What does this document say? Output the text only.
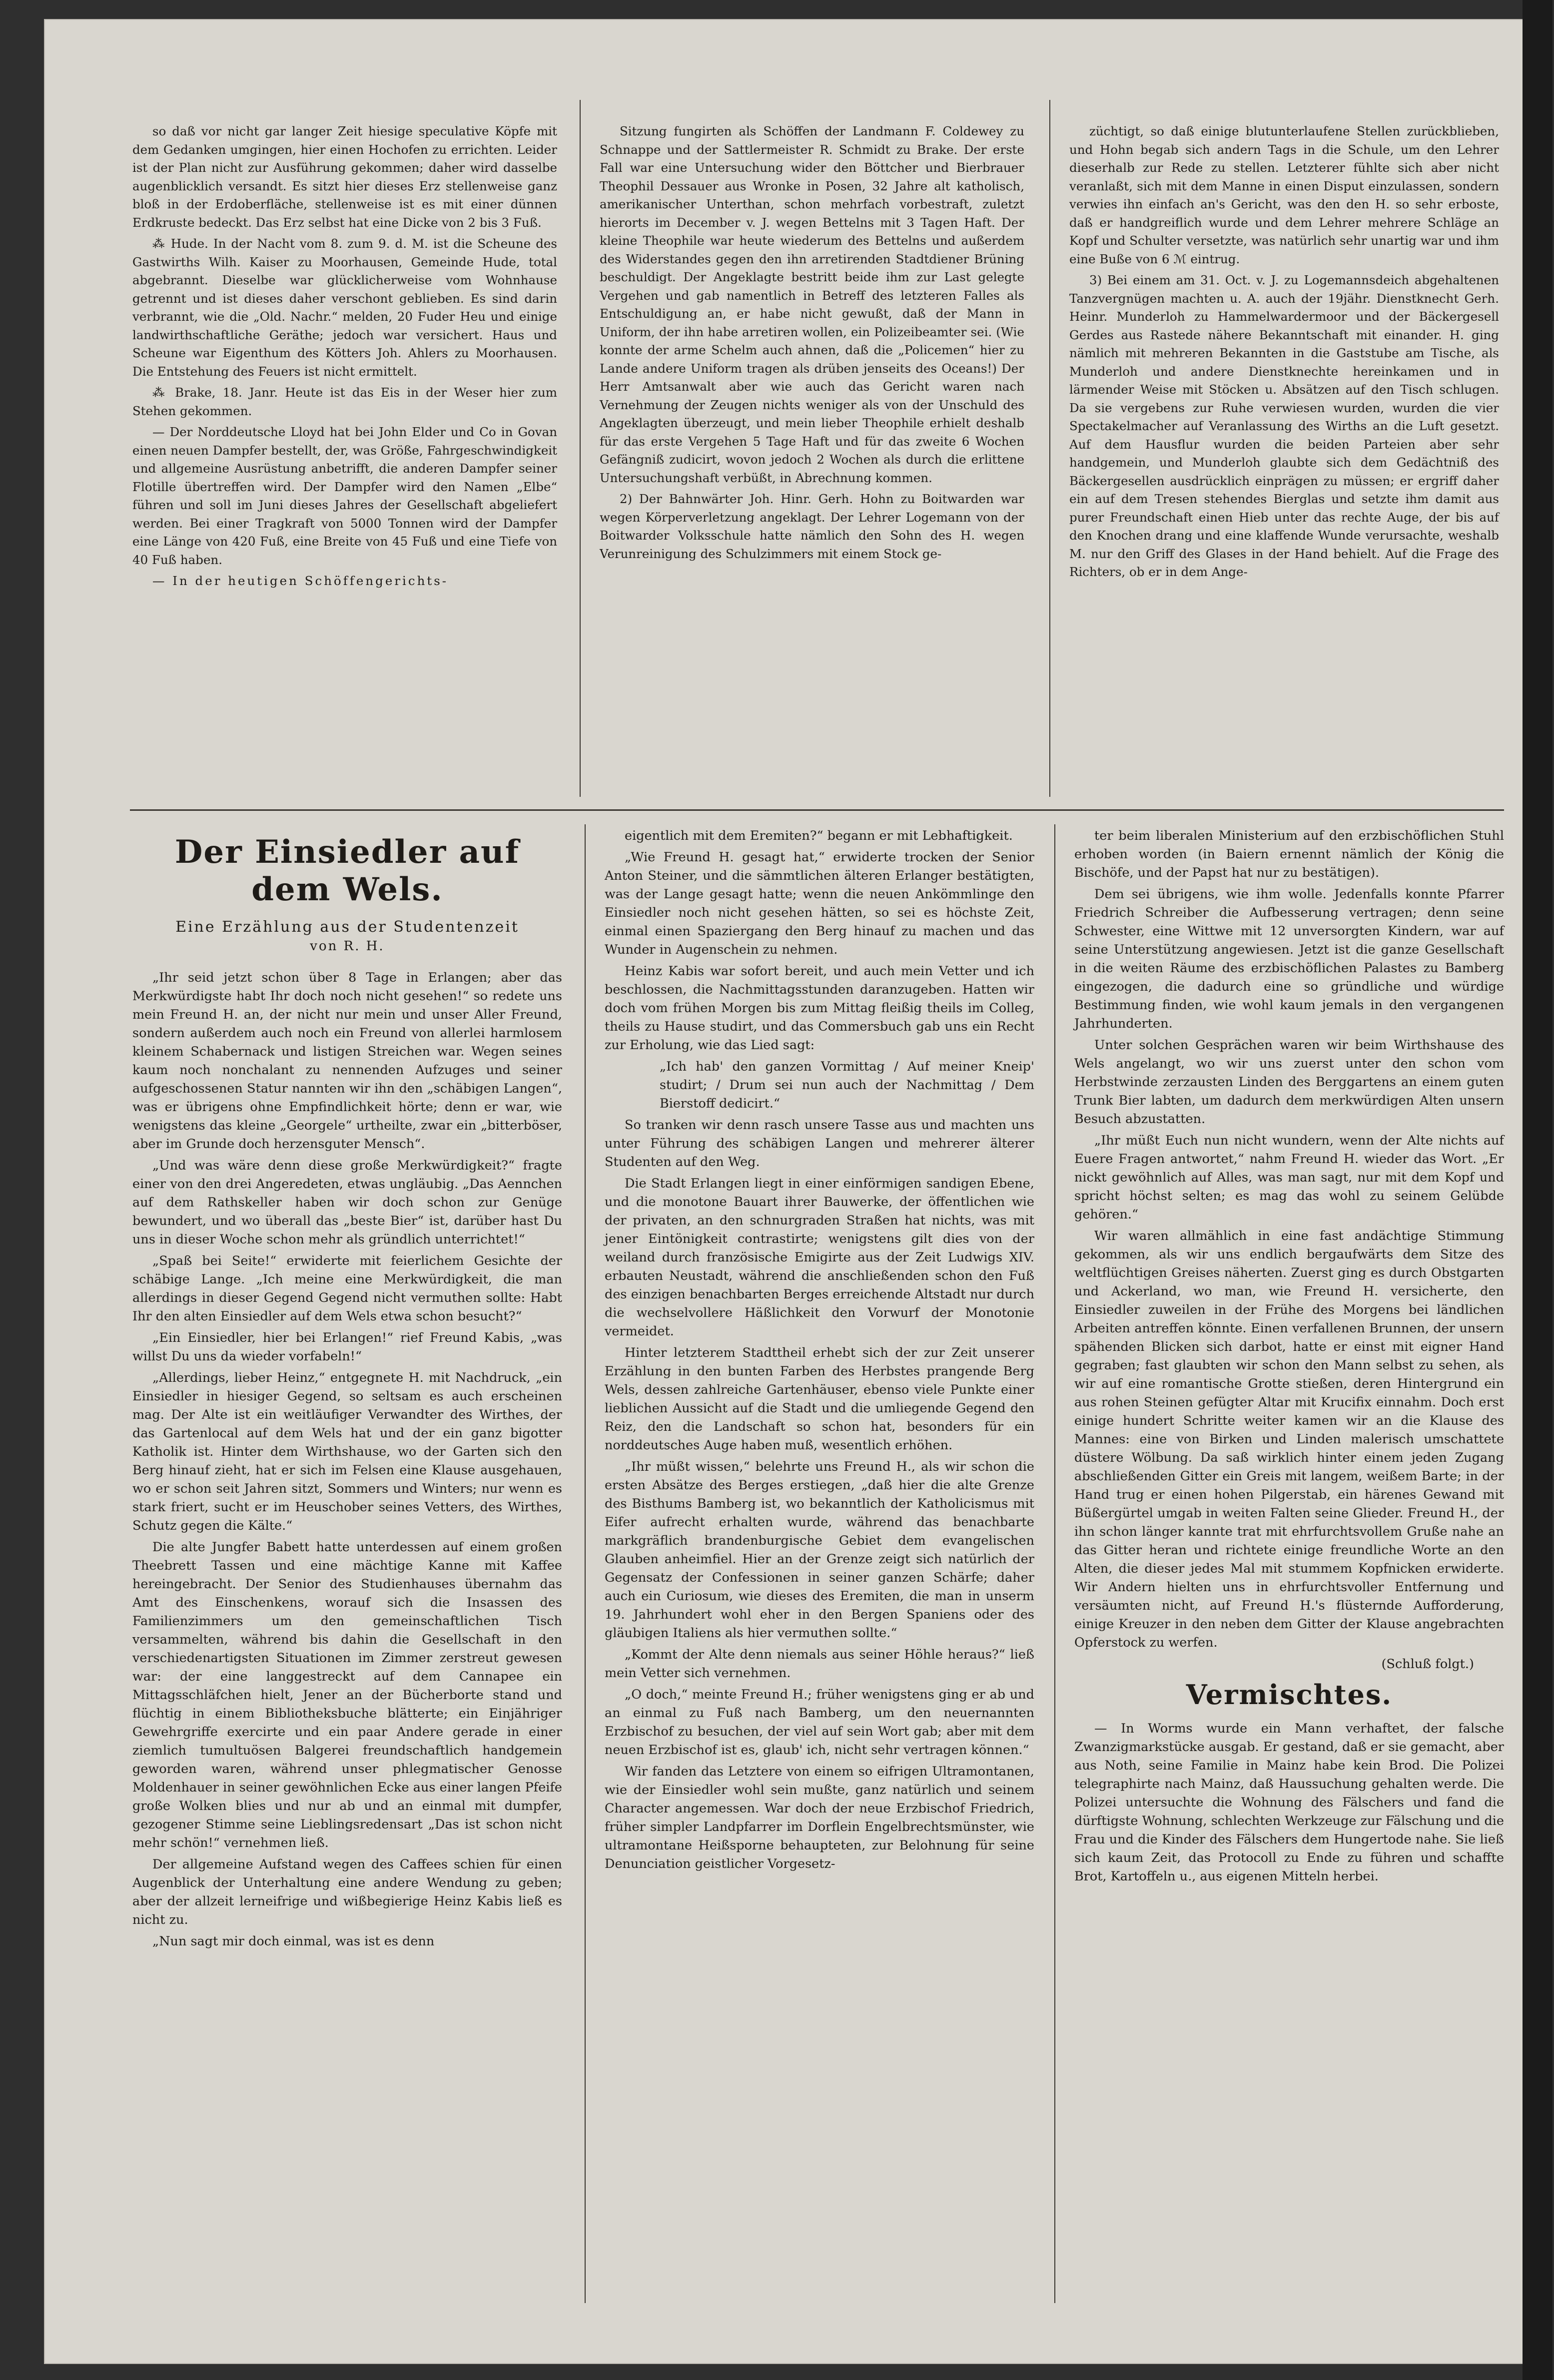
so daß vor nicht gar langer Zeit hiesige speculative Köpfe mit dem Gedanken umgingen, hier einen Hochofen zu errichten. Leider ist der Plan nicht zur Ausführung gekommen; daher wird dasselbe augenblicklich versandt. Es sitzt hier dieses Erz stellenweise ganz bloß in der Erdoberfläche, stellenweise ist es mit einer dünnen Erdkruste bedeckt. Das Erz selbst hat eine Dicke von 2 bis 3 Fuß.

⁂ Hude. In der Nacht vom 8. zum 9. d. M. ist die Scheune des Gastwirths Wilh. Kaiser zu Moorhausen, Gemeinde Hude, total abgebrannt. Dieselbe war glücklicherweise vom Wohnhause getrennt und ist dieses daher verschont geblieben. Es sind darin verbrannt, wie die „Old. Nachr.“ melden, 20 Fuder Heu und einige landwirthschaftliche Geräthe; jedoch war versichert. Haus und Scheune war Eigenthum des Kötters Joh. Ahlers zu Moorhausen. Die Entstehung des Feuers ist nicht ermittelt.

⁂ Brake, 18. Janr. Heute ist das Eis in der Weser hier zum Stehen gekommen.

— Der Norddeutsche Lloyd hat bei John Elder und Co in Govan einen neuen Dampfer bestellt, der, was Größe, Fahrgeschwindigkeit und allgemeine Ausrüstung anbetrifft, die anderen Dampfer seiner Flotille übertreffen wird. Der Dampfer wird den Namen „Elbe“ führen und soll im Juni dieses Jahres der Gesellschaft abgeliefert werden. Bei einer Tragkraft von 5000 Tonnen wird der Dampfer eine Länge von 420 Fuß, eine Breite von 45 Fuß und eine Tiefe von 40 Fuß haben.

— In der heutigen Schöffengerichts-

Sitzung fungirten als Schöffen der Landmann F. Coldewey zu Schnappe und der Sattlermeister R. Schmidt zu Brake. Der erste Fall war eine Untersuchung wider den Böttcher und Bierbrauer Theophil Dessauer aus Wronke in Posen, 32 Jahre alt katholisch, amerikanischer Unterthan, schon mehrfach vorbestraft, zuletzt hierorts im December v. J. wegen Bettelns mit 3 Tagen Haft. Der kleine Theophile war heute wiederum des Bettelns und außerdem des Widerstandes gegen den ihn arretirenden Stadtdiener Brüning beschuldigt. Der Angeklagte bestritt beide ihm zur Last gelegte Vergehen und gab namentlich in Betreff des letzteren Falles als Entschuldigung an, er habe nicht gewußt, daß der Mann in Uniform, der ihn habe arretiren wollen, ein Polizeibeamter sei. (Wie konnte der arme Schelm auch ahnen, daß die „Policemen“ hier zu Lande andere Uniform tragen als drüben jenseits des Oceans!) Der Herr Amtsanwalt aber wie auch das Gericht waren nach Vernehmung der Zeugen nichts weniger als von der Unschuld des Angeklagten überzeugt, und mein lieber Theophile erhielt deshalb für das erste Vergehen 5 Tage Haft und für das zweite 6 Wochen Gefängniß zudicirt, wovon jedoch 2 Wochen als durch die erlittene Untersuchungshaft verbüßt, in Abrechnung kommen.

2) Der Bahnwärter Joh. Hinr. Gerh. Hohn zu Boitwarden war wegen Körperverletzung angeklagt. Der Lehrer Logemann von der Boitwarder Volksschule hatte nämlich den Sohn des H. wegen Verunreinigung des Schulzimmers mit einem Stock ge-

züchtigt, so daß einige blutunterlaufene Stellen zurückblieben, und Hohn begab sich andern Tags in die Schule, um den Lehrer dieserhalb zur Rede zu stellen. Letzterer fühlte sich aber nicht veranlaßt, sich mit dem Manne in einen Disput einzulassen, sondern verwies ihn einfach an's Gericht, was den den H. so sehr erboste, daß er handgreiflich wurde und dem Lehrer mehrere Schläge an Kopf und Schulter versetzte, was natürlich sehr unartig war und ihm eine Buße von 6 ℳ eintrug.

3) Bei einem am 31. Oct. v. J. zu Logemannsdeich abgehaltenen Tanzvergnügen machten u. A. auch der 19jähr. Dienstknecht Gerh. Heinr. Munderloh zu Hammelwardermoor und der Bäckergesell Gerdes aus Rastede nähere Bekanntschaft mit einander. H. ging nämlich mit mehreren Bekannten in die Gaststube am Tische, als Munderloh und andere Dienstknechte hereinkamen und in lärmender Weise mit Stöcken u. Absätzen auf den Tisch schlugen. Da sie vergebens zur Ruhe verwiesen wurden, wurden die vier Spectakelmacher auf Veranlassung des Wirths an die Luft gesetzt. Auf dem Hausflur wurden die beiden Parteien aber sehr handgemein, und Munderloh glaubte sich dem Gedächtniß des Bäckergesellen ausdrücklich einprägen zu müssen; er ergriff daher ein auf dem Tresen stehendes Bierglas und setzte ihm damit aus purer Freundschaft einen Hieb unter das rechte Auge, der bis auf den Knochen drang und eine klaffende Wunde verursachte, weshalb M. nur den Griff des Glases in der Hand behielt. Auf die Frage des Richters, ob er in dem Ange-

Der Einsiedler auf dem Wels.
Eine Erzählung aus der Studentenzeit
von R. H.

„Ihr seid jetzt schon über 8 Tage in Erlangen; aber das Merkwürdigste habt Ihr doch noch nicht gesehen!“ so redete uns mein Freund H. an, der nicht nur mein und unser Aller Freund, sondern außerdem auch noch ein Freund von allerlei harmlosem kleinem Schabernack und listigen Streichen war. Wegen seines kaum noch nonchalant zu nennenden Aufzuges und seiner aufgeschossenen Statur nannten wir ihn den „schäbigen Langen“, was er übrigens ohne Empfindlichkeit hörte; denn er war, wie wenigstens das kleine „Georgele“ urtheilte, zwar ein „bitterböser, aber im Grunde doch herzensguter Mensch“.

„Und was wäre denn diese große Merkwürdigkeit?“ fragte einer von den drei Angeredeten, etwas ungläubig. „Das Aennchen auf dem Rathskeller haben wir doch schon zur Genüge bewundert, und wo überall das „beste Bier“ ist, darüber hast Du uns in dieser Woche schon mehr als gründlich unterrichtet!“

„Spaß bei Seite!“ erwiderte mit feierlichem Gesichte der schäbige Lange. „Ich meine eine Merkwürdigkeit, die man allerdings in dieser Gegend Gegend nicht vermuthen sollte: Habt Ihr den alten Einsiedler auf dem Wels etwa schon besucht?“

„Ein Einsiedler, hier bei Erlangen!“ rief Freund Kabis, „was willst Du uns da wieder vorfabeln!“

„Allerdings, lieber Heinz,“ entgegnete H. mit Nachdruck, „ein Einsiedler in hiesiger Gegend, so seltsam es auch erscheinen mag. Der Alte ist ein weitläufiger Verwandter des Wirthes, der das Gartenlocal auf dem Wels hat und der ein ganz bigotter Katholik ist. Hinter dem Wirthshause, wo der Garten sich den Berg hinauf zieht, hat er sich im Felsen eine Klause ausgehauen, wo er schon seit Jahren sitzt, Sommers und Winters; nur wenn es stark friert, sucht er im Heuschober seines Vetters, des Wirthes, Schutz gegen die Kälte.“

Die alte Jungfer Babett hatte unterdessen auf einem großen Theebrett Tassen und eine mächtige Kanne mit Kaffee hereingebracht. Der Senior des Studienhauses übernahm das Amt des Einschenkens, worauf sich die Insassen des Familienzimmers um den gemeinschaftlichen Tisch versammelten, während bis dahin die Gesellschaft in den verschiedenartigsten Situationen im Zimmer zerstreut gewesen war: der eine langgestreckt auf dem Cannapee ein Mittagsschläfchen hielt, Jener an der Bücherborte stand und flüchtig in einem Bibliotheksbuche blätterte; ein Einjähriger Gewehrgriffe exercirte und ein paar Andere gerade in einer ziemlich tumultuösen Balgerei freundschaftlich handgemein geworden waren, während unser phlegmatischer Genosse Moldenhauer in seiner gewöhnlichen Ecke aus einer langen Pfeife große Wolken blies und nur ab und an einmal mit dumpfer, gezogener Stimme seine Lieblingsredensart „Das ist schon nicht mehr schön!“ vernehmen ließ.

Der allgemeine Aufstand wegen des Caffees schien für einen Augenblick der Unterhaltung eine andere Wendung zu geben; aber der allzeit lerneifrige und wißbegierige Heinz Kabis ließ es nicht zu.

„Nun sagt mir doch einmal, was ist es denn

eigentlich mit dem Eremiten?“ begann er mit Lebhaftigkeit.

„Wie Freund H. gesagt hat,“ erwiderte trocken der Senior Anton Steiner, und die sämmtlichen älteren Erlanger bestätigten, was der Lange gesagt hatte; wenn die neuen Ankömmlinge den Einsiedler noch nicht gesehen hätten, so sei es höchste Zeit, einmal einen Spaziergang den Berg hinauf zu machen und das Wunder in Augenschein zu nehmen.

Heinz Kabis war sofort bereit, und auch mein Vetter und ich beschlossen, die Nachmittagsstunden daranzugeben. Hatten wir doch vom frühen Morgen bis zum Mittag fleißig theils im Colleg, theils zu Hause studirt, und das Commersbuch gab uns ein Recht zur Erholung, wie das Lied sagt:

„Ich hab' den ganzen Vormittag / Auf meiner Kneip' studirt; / Drum sei nun auch der Nachmittag / Dem Bierstoff dedicirt.“

So tranken wir denn rasch unsere Tasse aus und machten uns unter Führung des schäbigen Langen und mehrerer älterer Studenten auf den Weg.

Die Stadt Erlangen liegt in einer einförmigen sandigen Ebene, und die monotone Bauart ihrer Bauwerke, der öffentlichen wie der privaten, an den schnurgraden Straßen hat nichts, was mit jener Eintönigkeit contrastirte; wenigstens gilt dies von der weiland durch französische Emigirte aus der Zeit Ludwigs XIV. erbauten Neustadt, während die anschließenden schon den Fuß des einzigen benachbarten Berges erreichende Altstadt nur durch die wechselvollere Häßlichkeit den Vorwurf der Monotonie vermeidet.

Hinter letzterem Stadttheil erhebt sich der zur Zeit unserer Erzählung in den bunten Farben des Herbstes prangende Berg Wels, dessen zahlreiche Gartenhäuser, ebenso viele Punkte einer lieblichen Aussicht auf die Stadt und die umliegende Gegend den Reiz, den die Landschaft so schon hat, besonders für ein norddeutsches Auge haben muß, wesentlich erhöhen.

„Ihr müßt wissen,“ belehrte uns Freund H., als wir schon die ersten Absätze des Berges erstiegen, „daß hier die alte Grenze des Bisthums Bamberg ist, wo bekanntlich der Katholicismus mit Eifer aufrecht erhalten wurde, während das benachbarte markgräflich brandenburgische Gebiet dem evangelischen Glauben anheimfiel. Hier an der Grenze zeigt sich natürlich der Gegensatz der Confessionen in seiner ganzen Schärfe; daher auch ein Curiosum, wie dieses des Eremiten, die man in unserm 19. Jahrhundert wohl eher in den Bergen Spaniens oder des gläubigen Italiens als hier vermuthen sollte.“

„Kommt der Alte denn niemals aus seiner Höhle heraus?“ ließ mein Vetter sich vernehmen.

„O doch,“ meinte Freund H.; früher wenigstens ging er ab und an einmal zu Fuß nach Bamberg, um den neuernannten Erzbischof zu besuchen, der viel auf sein Wort gab; aber mit dem neuen Erzbischof ist es, glaub' ich, nicht sehr vertragen können.“

Wir fanden das Letztere von einem so eifrigen Ultramontanen, wie der Einsiedler wohl sein mußte, ganz natürlich und seinem Character angemessen. War doch der neue Erzbischof Friedrich, früher simpler Landpfarrer im Dorflein Engelbrechtsmünster, wie ultramontane Heißsporne behaupteten, zur Belohnung für seine Denunciation geistlicher Vorgesetz-

ter beim liberalen Ministerium auf den erzbischöflichen Stuhl erhoben worden (in Baiern ernennt nämlich der König die Bischöfe, und der Papst hat nur zu bestätigen).

Dem sei übrigens, wie ihm wolle. Jedenfalls konnte Pfarrer Friedrich Schreiber die Aufbesserung vertragen; denn seine Schwester, eine Wittwe mit 12 unversorgten Kindern, war auf seine Unterstützung angewiesen. Jetzt ist die ganze Gesellschaft in die weiten Räume des erzbischöflichen Palastes zu Bamberg eingezogen, die dadurch eine so gründliche und würdige Bestimmung finden, wie wohl kaum jemals in den vergangenen Jahrhunderten.

Unter solchen Gesprächen waren wir beim Wirthshause des Wels angelangt, wo wir uns zuerst unter den schon vom Herbstwinde zerzausten Linden des Berggartens an einem guten Trunk Bier labten, um dadurch dem merkwürdigen Alten unsern Besuch abzustatten.

„Ihr müßt Euch nun nicht wundern, wenn der Alte nichts auf Euere Fragen antwortet,“ nahm Freund H. wieder das Wort. „Er nickt gewöhnlich auf Alles, was man sagt, nur mit dem Kopf und spricht höchst selten; es mag das wohl zu seinem Gelübde gehören.“

Wir waren allmählich in eine fast andächtige Stimmung gekommen, als wir uns endlich bergaufwärts dem Sitze des weltflüchtigen Greises näherten. Zuerst ging es durch Obstgarten und Ackerland, wo man, wie Freund H. versicherte, den Einsiedler zuweilen in der Frühe des Morgens bei ländlichen Arbeiten antreffen könnte. Einen verfallenen Brunnen, der unsern spähenden Blicken sich darbot, hatte er einst mit eigner Hand gegraben; fast glaubten wir schon den Mann selbst zu sehen, als wir auf eine romantische Grotte stießen, deren Hintergrund ein aus rohen Steinen gefügter Altar mit Krucifix einnahm. Doch erst einige hundert Schritte weiter kamen wir an die Klause des Mannes: eine von Birken und Linden malerisch umschattete düstere Wölbung. Da saß wirklich hinter einem jeden Zugang abschließenden Gitter ein Greis mit langem, weißem Barte; in der Hand trug er einen hohen Pilgerstab, ein härenes Gewand mit Büßergürtel umgab in weiten Falten seine Glieder. Freund H., der ihn schon länger kannte trat mit ehrfurchtsvollem Gruße nahe an das Gitter heran und richtete einige freundliche Worte an den Alten, die dieser jedes Mal mit stummem Kopfnicken erwiderte. Wir Andern hielten uns in ehrfurchtsvoller Entfernung und versäumten nicht, auf Freund H.'s flüsternde Aufforderung, einige Kreuzer in den neben dem Gitter der Klause angebrachten Opferstock zu werfen.

(Schluß folgt.)

Vermischtes.

— In Worms wurde ein Mann verhaftet, der falsche Zwanzigmarkstücke ausgab. Er gestand, daß er sie gemacht, aber aus Noth, seine Familie in Mainz habe kein Brod. Die Polizei telegraphirte nach Mainz, daß Haussuchung gehalten werde. Die Polizei untersuchte die Wohnung des Fälschers und fand die dürftigste Wohnung, schlechten Werkzeuge zur Fälschung und die Frau und die Kinder des Fälschers dem Hungertode nahe. Sie ließ sich kaum Zeit, das Protocoll zu Ende zu führen und schaffte Brot, Kartoffeln u., aus eigenen Mitteln herbei.
